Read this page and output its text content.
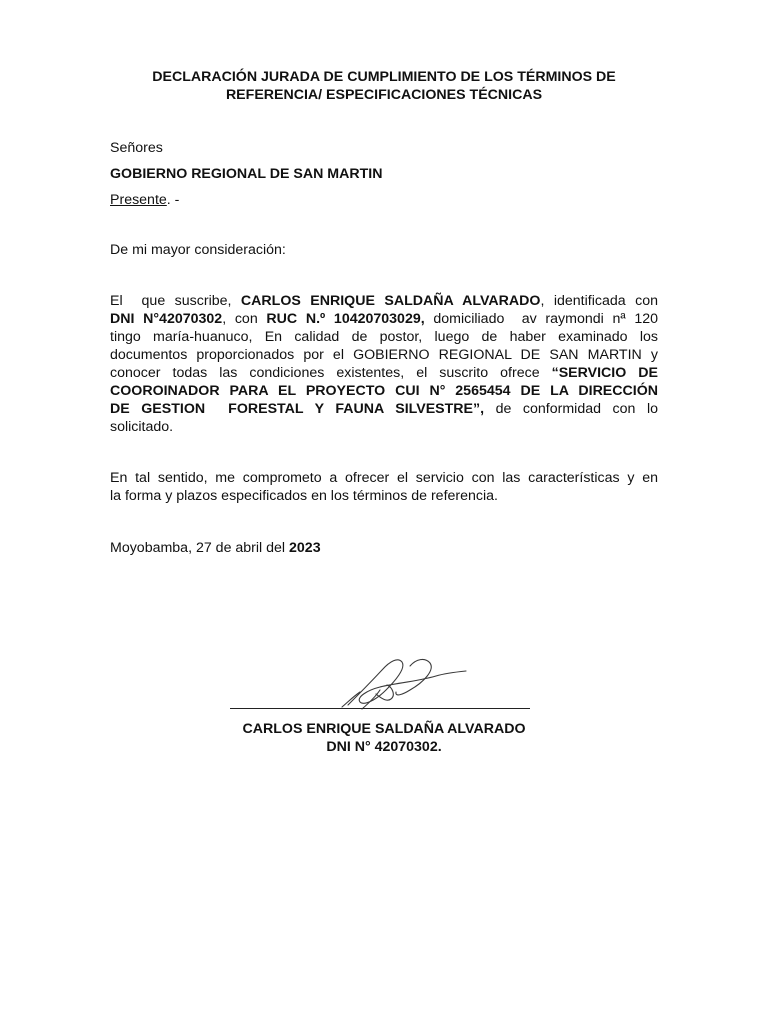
DECLARACIÓN JURADA DE CUMPLIMIENTO DE LOS TÉRMINOS DE
REFERENCIA/ ESPECIFICACIONES TÉCNICAS
Señores
GOBIERNO REGIONAL DE SAN MARTIN
Presente. -
De mi mayor consideración:
El  que suscribe, CARLOS ENRIQUE SALDAÑA ALVARADO, identificada con
DNI N°42070302, con RUC N.º 10420703029, domiciliado  av raymondi nª 120
tingo maría-huanuco, En calidad de postor, luego de haber examinado los
documentos proporcionados por el GOBIERNO REGIONAL DE SAN MARTIN y
conocer todas las condiciones existentes, el suscrito ofrece “SERVICIO DE
COOROINADOR PARA EL PROYECTO CUI N° 2565454 DE LA DIRECCIÓN
DE GESTION  FORESTAL Y FAUNA SILVESTRE”, de conformidad con lo
solicitado.
En tal sentido, me comprometo a ofrecer el servicio con las características y en
la forma y plazos especificados en los términos de referencia.
Moyobamba, 27 de abril del 2023
CARLOS ENRIQUE SALDAÑA ALVARADO
DNI N° 42070302.
